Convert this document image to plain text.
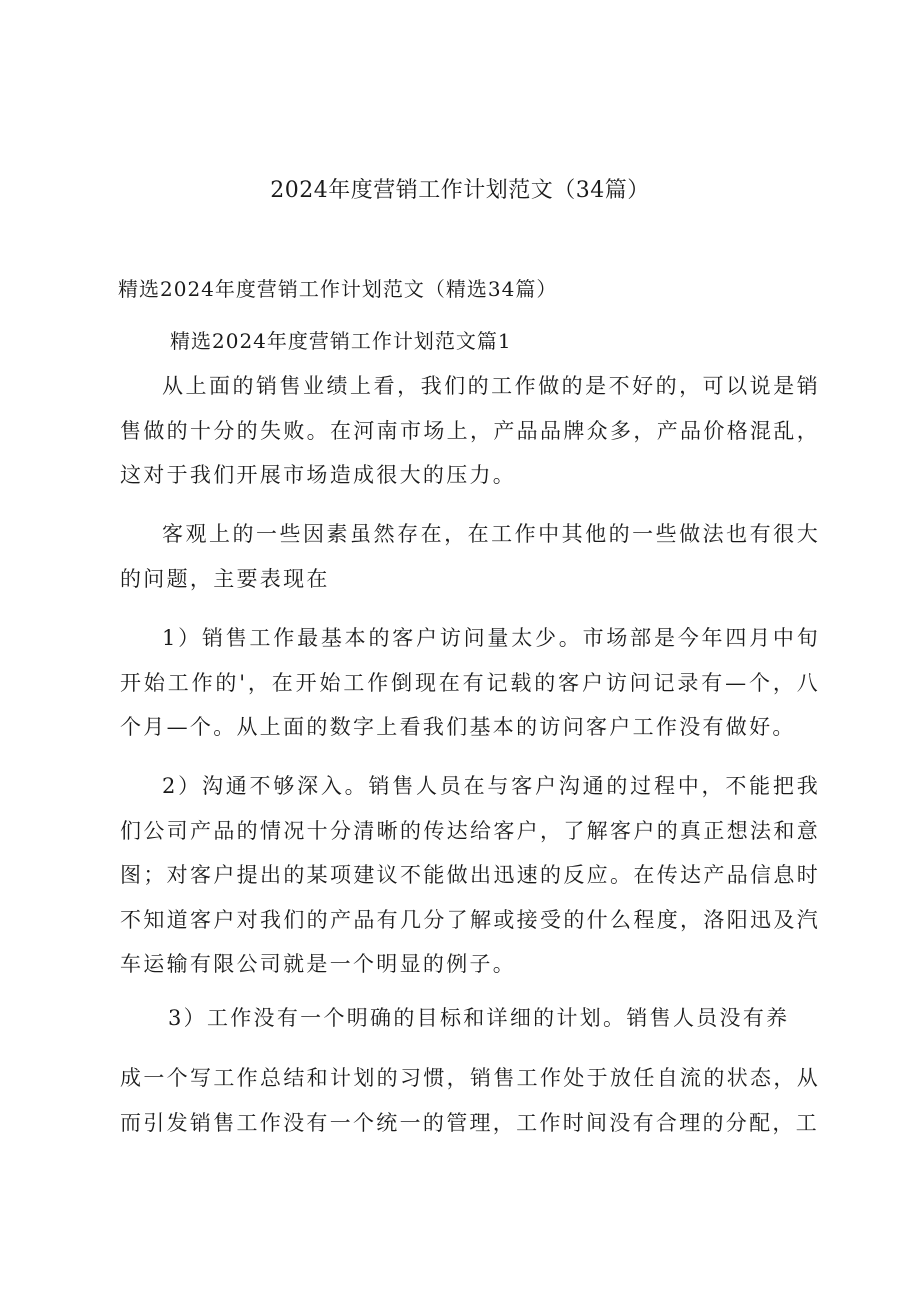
2024年度营销工作计划范文（34篇）
精选2024年度营销工作计划范文（精选34篇）
精选2024年度营销工作计划范文篇1
从上面的销售业绩上看，我们的工作做的是不好的，可以说是销售做的十分的失败。在河南市场上，产品品牌众多，产品价格混乱，这对于我们开展市场造成很大的压力。
客观上的一些因素虽然存在，在工作中其他的一些做法也有很大的问题，主要表现在
1）销售工作最基本的客户访问量太少。市场部是今年四月中旬开始工作的'，在开始工作倒现在有记载的客户访问记录有—个，八个月—个。从上面的数字上看我们基本的访问客户工作没有做好。
2）沟通不够深入。销售人员在与客户沟通的过程中，不能把我们公司产品的情况十分清晰的传达给客户，了解客户的真正想法和意图；对客户提出的某项建议不能做出迅速的反应。在传达产品信息时不知道客户对我们的产品有几分了解或接受的什么程度，洛阳迅及汽车运输有限公司就是一个明显的例子。
3）工作没有一个明确的目标和详细的计划。销售人员没有养
成一个写工作总结和计划的习惯，销售工作处于放任自流的状态，从而引发销售工作没有一个统一的管理，工作时间没有合理的分配，工
